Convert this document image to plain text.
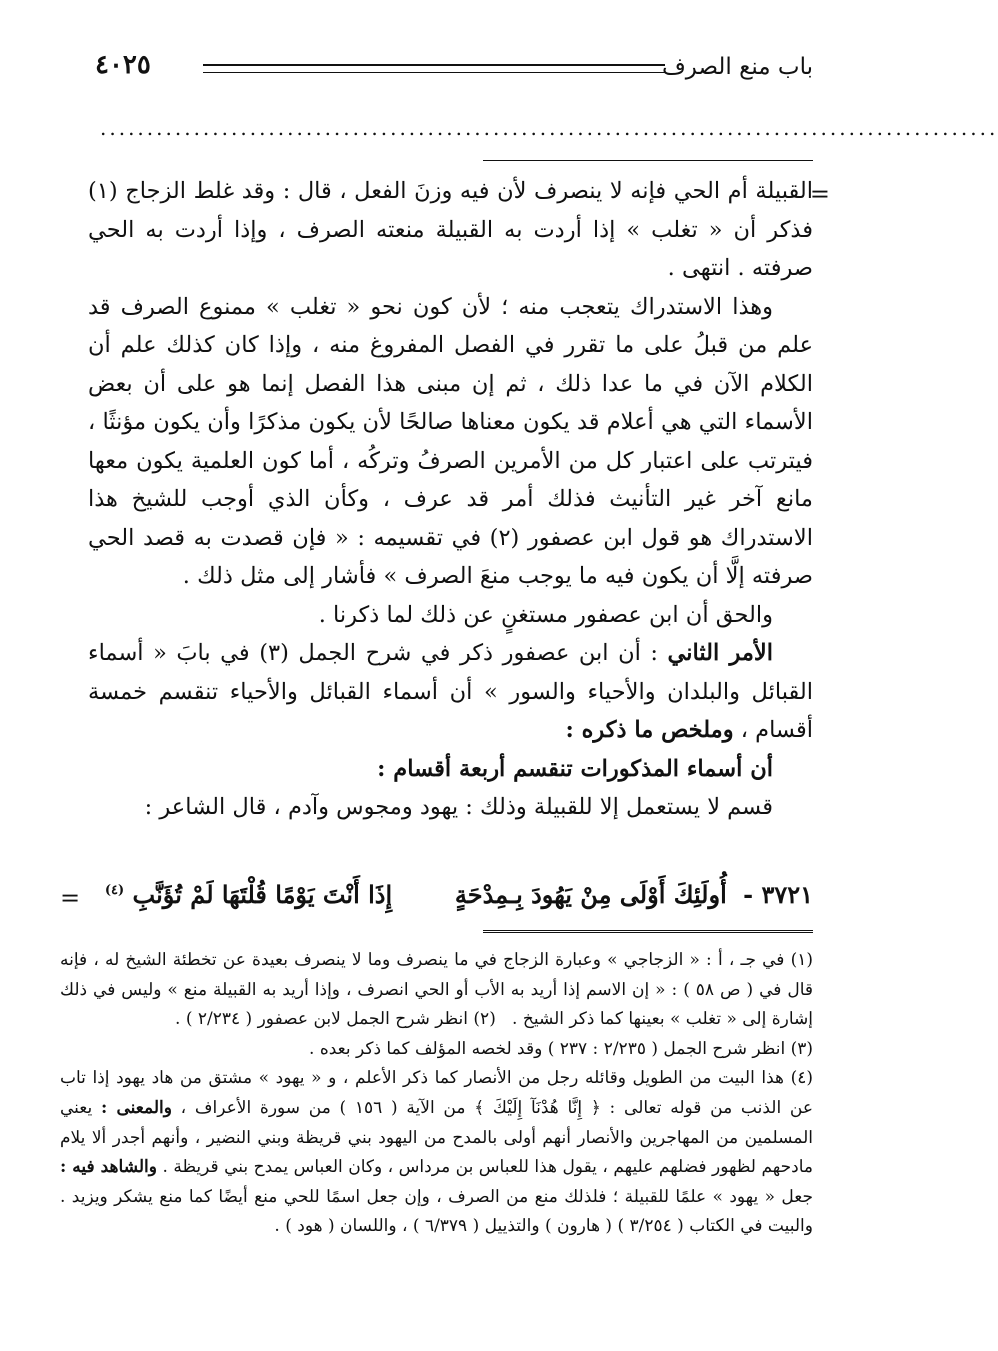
باب منع الصرف
٤٠٢٥
................................................................................................
=

القبيلة أم الحي فإنه لا ينصرف لأن فيه وزنَ الفعل ، قال : وقد غلط الزجاج (١) فذكر أن « تغلب » إذا أردت به القبيلة منعته الصرف ، وإذا أردت به الحي صرفته . انتهى .

وهذا الاستدراك يتعجب منه ؛ لأن كون نحو « تغلب » ممنوع الصرف قد علم من قبلُ على ما تقرر في الفصل المفروغ منه ، وإذا كان كذلك علم أن الكلام الآن في ما عدا ذلك ، ثم إن مبنى هذا الفصل إنما هو على أن بعض الأسماء التي هي أعلام قد يكون معناها صالحًا لأن يكون مذكرًا وأن يكون مؤنثًا ، فيترتب على اعتبار كل من الأمرين الصرفُ وتركُه ، أما كون العلمية يكون معها مانع آخر غير التأنيث فذلك أمر قد عرف ، وكأن الذي أوجب للشيخ هذا الاستدراك هو قول ابن عصفور (٢) في تقسيمه : « فإن قصدت به قصد الحي صرفته إلَّا أن يكون فيه ما يوجب منعَ الصرف » فأشار إلى مثل ذلك .

والحق أن ابن عصفور مستغنٍ عن ذلك لما ذكرنا .

الأمر الثاني : أن ابن عصفور ذكر في شرح الجمل (٣) في بابَ « أسماء القبائل والبلدان والأحياء والسور » أن أسماء القبائل والأحياء تنقسم خمسة أقسام ، وملخص ما ذكره :

أن أسماء المذكورات تنقسم أربعة أقسام :

قسم لا يستعمل إلا للقبيلة وذلك : يهود ومجوس وآدم ، قال الشاعر :

٣٧٢١ - أُولَئِكَ أَوْلَى مِنْ يَهُودَ بِـمِدْحَةٍ  إِذَا أَنْتَ يَوْمًا قُلْتَهَا لَمْ تُؤَنَّبِ $^{(٤)}$
=

(١) في جـ ، أ : « الزجاجي » وعبارة الزجاج في ما ينصرف وما لا ينصرف بعيدة عن تخطئة الشيخ له ، فإنه قال في ( ص ٥٨ ) : « إن الاسم إذا أريد به الأب أو الحي انصرف ، وإذا أريد به القبيلة منع » وليس في ذلك إشارة إلى « تغلب » بعينها كما ذكر الشيخ .   (٢) انظر شرح الجمل لابن عصفور ( ٢/٢٣٤ ) .

(٣) انظر شرح الجمل ( ٢/٢٣٥ : ٢٣٧ ) وقد لخصه المؤلف كما ذكر بعده .

(٤) هذا البيت من الطويل وقائله رجل من الأنصار كما ذكر الأعلم ، و « يهود » مشتق من هاد يهود إذا تاب عن الذنب من قوله تعالى : ﴿ إِنَّا هُدْنَآ إِلَيْكَ ﴾ من الآية ( ١٥٦ ) من سورة الأعراف ، والمعنى : يعني المسلمين من المهاجرين والأنصار أنهم أولى بالمدح من اليهود بني قريظة وبني النضير ، وأنهم أجدر ألا يلام مادحهم لظهور فضلهم عليهم ، يقول هذا للعباس بن مرداس ، وكان العباس يمدح بني قريظة . والشاهد فيه : جعل « يهود » علمًا للقبيلة ؛ فلذلك منع من الصرف ، وإن جعل اسمًا للحي منع أيضًا كما منع يشكر ويزيد . والبيت في الكتاب ( ٣/٢٥٤ ) ( هارون ) والتذييل ( ٦/٣٧٩ ) ، واللسان ( هود ) .
